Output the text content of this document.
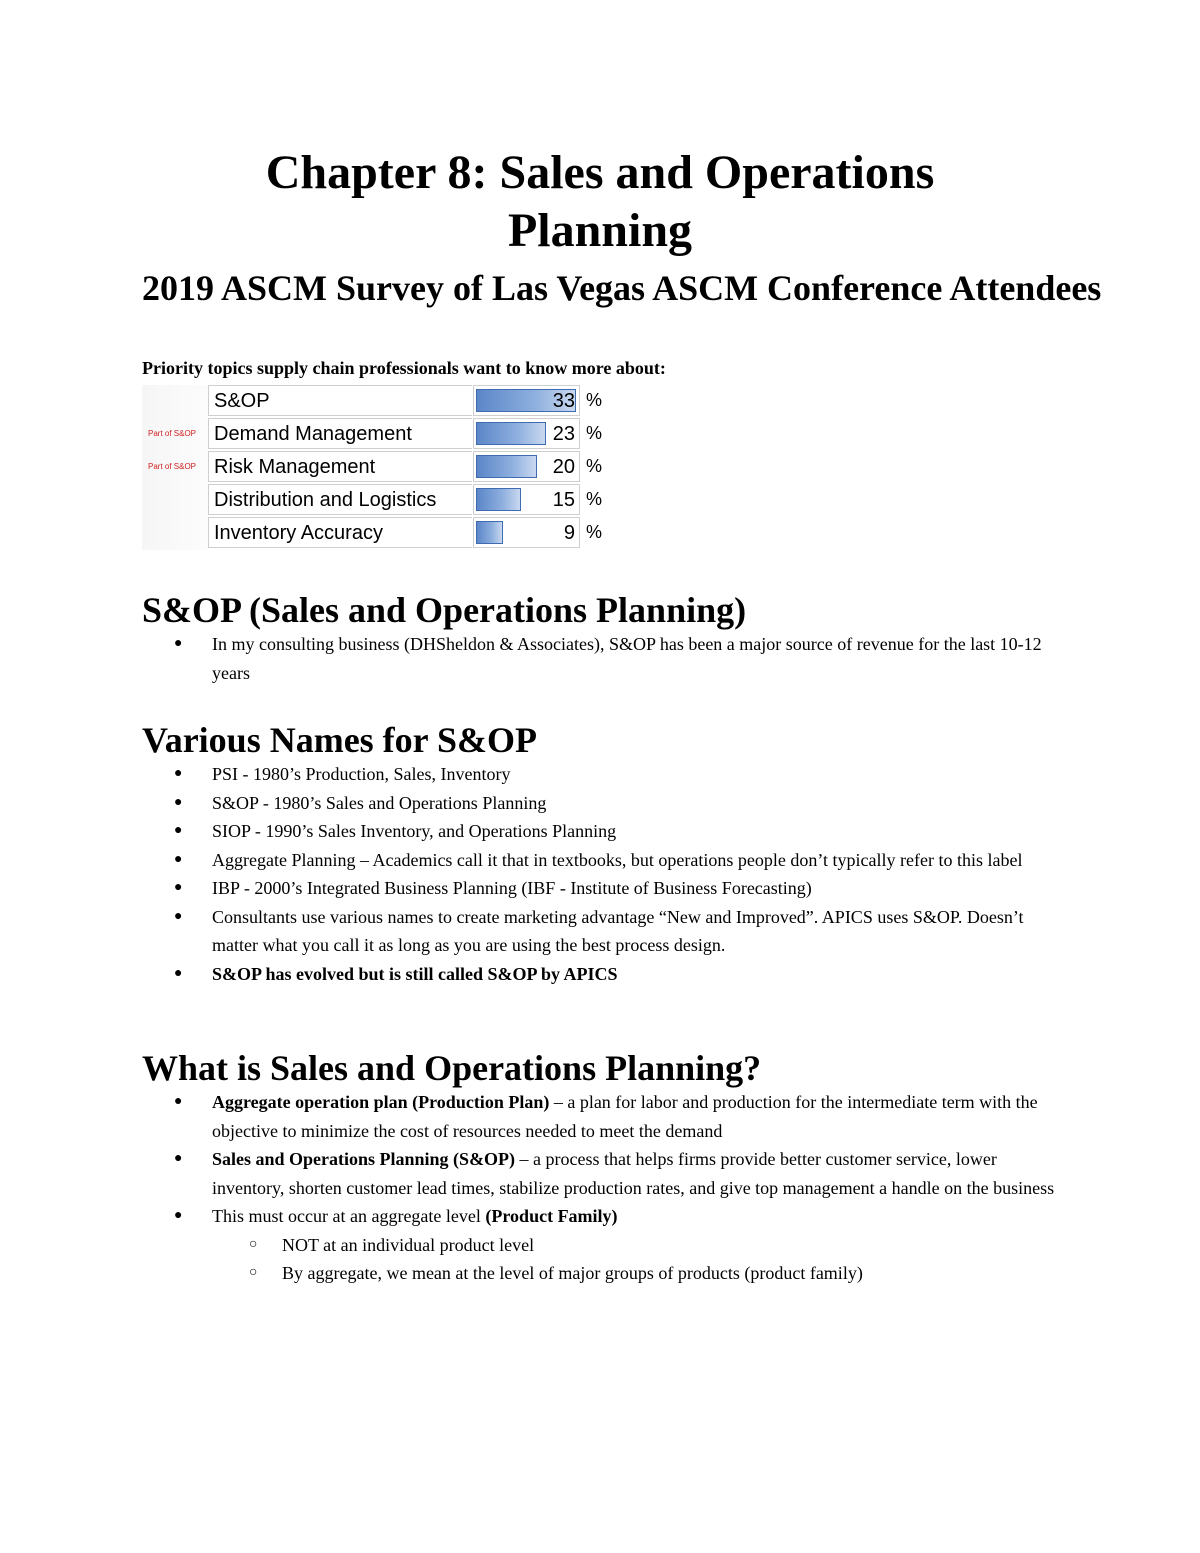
Chapter 8: Sales and Operations
Planning
2019 ASCM Survey of Las Vegas ASCM Conference Attendees

Priority topics supply chain professionals want to know more about:

S&OP	33 %
Part of S&OP Demand Management	23 %
Part of S&OP Risk Management	20 %
Distribution and Logistics	15 %
Inventory Accuracy	9 %
S&OP (Sales and Operations Planning)
● In my consulting business (DHSheldon & Associates), S&OP has been a major source of revenue for the last 10-12 years
Various Names for S&OP
● PSI - 1980’s Production, Sales, Inventory
● S&OP - 1980’s Sales and Operations Planning
● SIOP - 1990’s Sales Inventory, and Operations Planning
● Aggregate Planning – Academics call it that in textbooks, but operations people don’t typically refer to this label
● IBP - 2000’s Integrated Business Planning (IBF - Institute of Business Forecasting)
● Consultants use various names to create marketing advantage “New and Improved”. APICS uses S&OP. Doesn’t matter what you call it as long as you are using the best process design.
● S&OP has evolved but is still called S&OP by APICS
What is Sales and Operations Planning?
● Aggregate operation plan (Production Plan) – a plan for labor and production for the intermediate term with the objective to minimize the cost of resources needed to meet the demand
● Sales and Operations Planning (S&OP) – a process that helps firms provide better customer service, lower inventory, shorten customer lead times, stabilize production rates, and give top management a handle on the business
● This must occur at an aggregate level (Product Family)
○ NOT at an individual product level
○ By aggregate, we mean at the level of major groups of products (product family)
